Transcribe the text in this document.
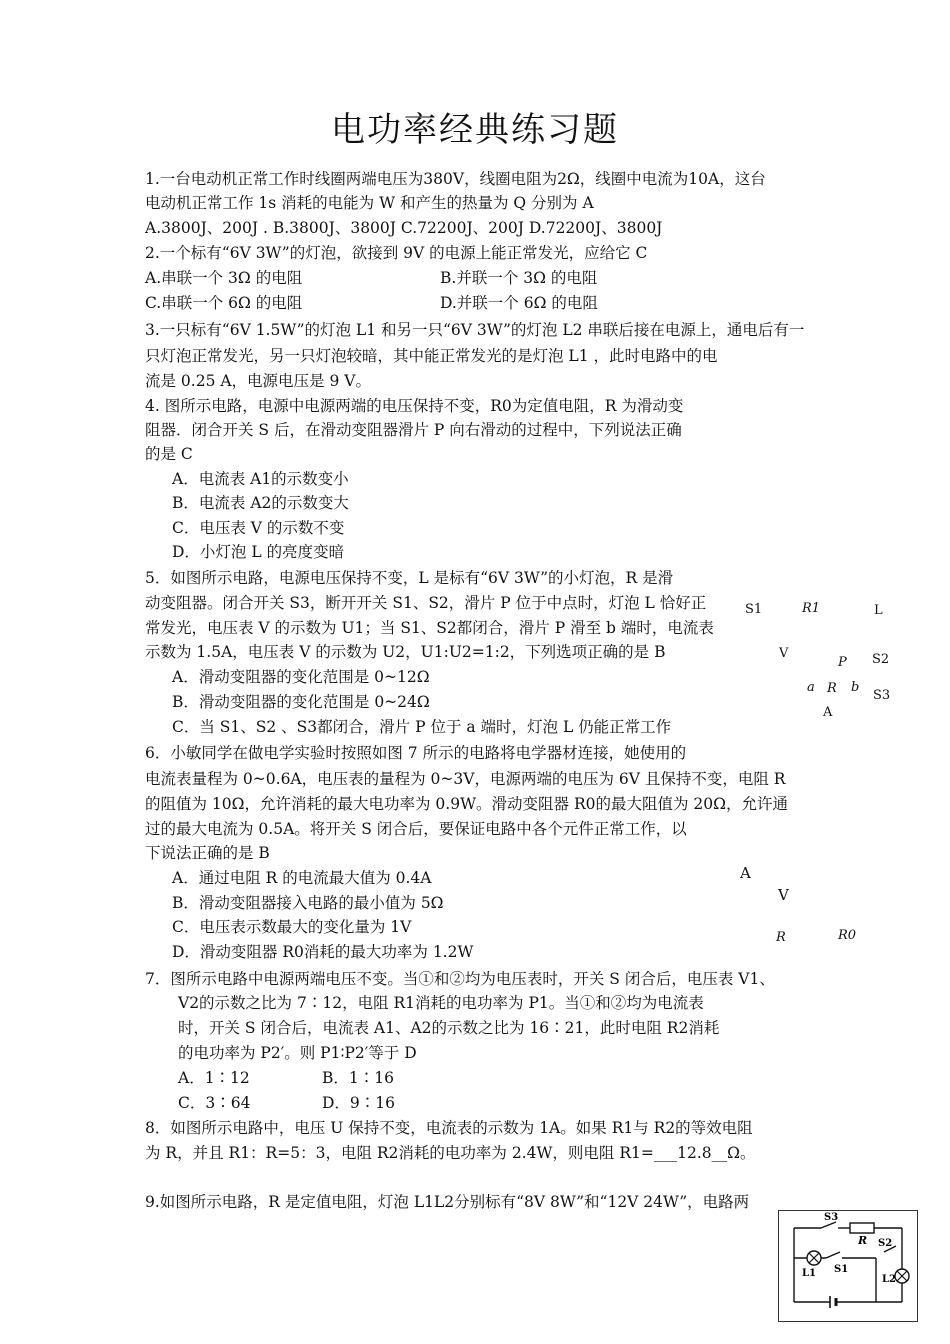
电功率经典练习题
1.一台电动机正常工作时线圈两端电压为380V，线圈电阻为2Ω，线圈中电流为10A，这台
电动机正常工作 1s 消耗的电能为 W 和产生的热量为 Q 分别为 A
A.3800J、200J . B.3800J、3800J C.72200J、200J D.72200J、3800J
2.一个标有“6V 3W”的灯泡，欲接到 9V 的电源上能正常发光，应给它 C
A.串联一个 3Ω 的电阻	B.并联一个 3Ω 的电阻
C.串联一个 6Ω 的电阻	D.并联一个 6Ω 的电阻
3.一只标有“6V 1.5W”的灯泡 L1 和另一只“6V 3W”的灯泡 L2 串联后接在电源上，通电后有一
只灯泡正常发光，另一只灯泡较暗，其中能正常发光的是灯泡 L1 ，此时电路中的电
流是 0.25 A，电源电压是 9 V。
4. 图所示电路，电源中电源两端的电压保持不变，R0为定值电阻，R 为滑动变
阻器．闭合开关 S 后，在滑动变阻器滑片 P 向右滑动的过程中，下列说法正确
的是 C
A．电流表 A1的示数变小
B．电流表 A2的示数变大
C．电压表 V 的示数不变
D．小灯泡 L 的亮度变暗
5．如图所示电路，电源电压保持不变，L 是标有“6V 3W”的小灯泡，R 是滑
动变阻器。闭合开关 S3，断开开关 S1、S2，滑片 P 位于中点时，灯泡 L 恰好正
常发光，电压表 V 的示数为 U1；当 S1、S2都闭合，滑片 P 滑至 b 端时，电流表
示数为 1.5A，电压表 V 的示数为 U2，U1:U2=1:2，下列选项正确的是 B
A．滑动变阻器的变化范围是 0~12Ω
B．滑动变阻器的变化范围是 0~24Ω
C．当 S1、S2 、S3都闭合，滑片 P 位于 a 端时，灯泡 L 仍能正常工作
S1	R1	L
V
P S2
a R b
S3
A
6．小敏同学在做电学实验时按照如图 7 所示的电路将电学器材连接，她使用的
电流表量程为 0~0.6A，电压表的量程为 0~3V，电源两端的电压为 6V 且保持不变，电阻 R
的阻值为 10Ω，允许消耗的最大电功率为 0.9W。滑动变阻器 R0的最大阻值为 20Ω，允许通
过的最大电流为 0.5A。将开关 S 闭合后，要保证电路中各个元件正常工作，以
下说法正确的是 B
A．通过电阻 R 的电流最大值为 0.4A
B．滑动变阻器接入电路的最小值为 5Ω
C．电压表示数最大的变化量为 1V
D．滑动变阻器 R0消耗的最大功率为 1.2W
A
V
R	R0
7．图所示电路中电源两端电压不变。当①和②均为电压表时，开关 S 闭合后，电压表 V1、
V2的示数之比为 7∶12，电阻 R1消耗的电功率为 P1。当①和②均为电流表
时，开关 S 闭合后，电流表 A1、A2的示数之比为 16∶21，此时电阻 R2消耗
的电功率为 P2′。则 P1∶P2′等于 D
A．1∶12	B．1∶16
C．3∶64	D．9∶16
8．如图所示电路中，电压 U 保持不变，电流表的示数为 1A。如果 R1与 R2的等效电阻
为 R，并且 R1：R=5：3，电阻 R2消耗的电功率为 2.4W，则电阻 R1=___12.8__Ω。
9.如图所示电路，R 是定值电阻，灯泡 L1L2分别标有“8V 8W”和“12V 24W”，电路两
S3
R S2
L1 S1
L2
